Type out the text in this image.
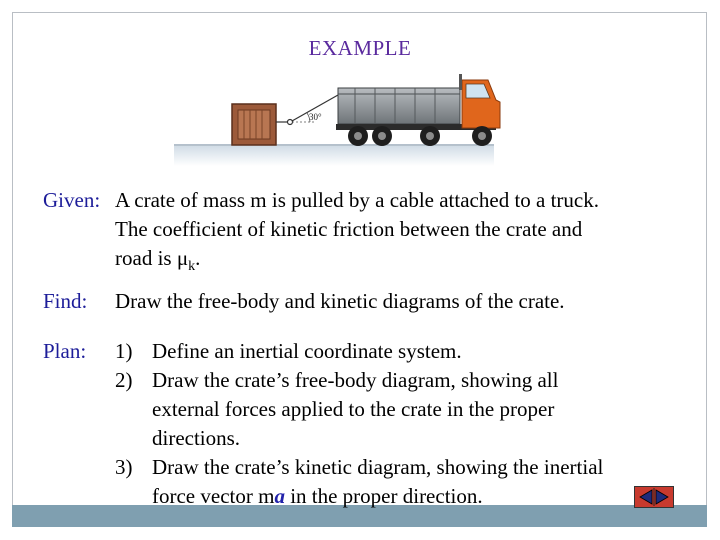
EXAMPLE
30°
Given: A crate of mass m is pulled by a cable attached to a truck.
The coefficient of kinetic friction between the crate and
road is $\mu_k$.
Find: Draw the free-body and kinetic diagrams of the crate.
Plan: 1) Define an inertial coordinate system.
2) Draw the crate’s free-body diagram, showing all
external forces applied to the crate in the proper
directions.
3) Draw the crate’s kinetic diagram, showing the inertial
force vector ma in the proper direction.
